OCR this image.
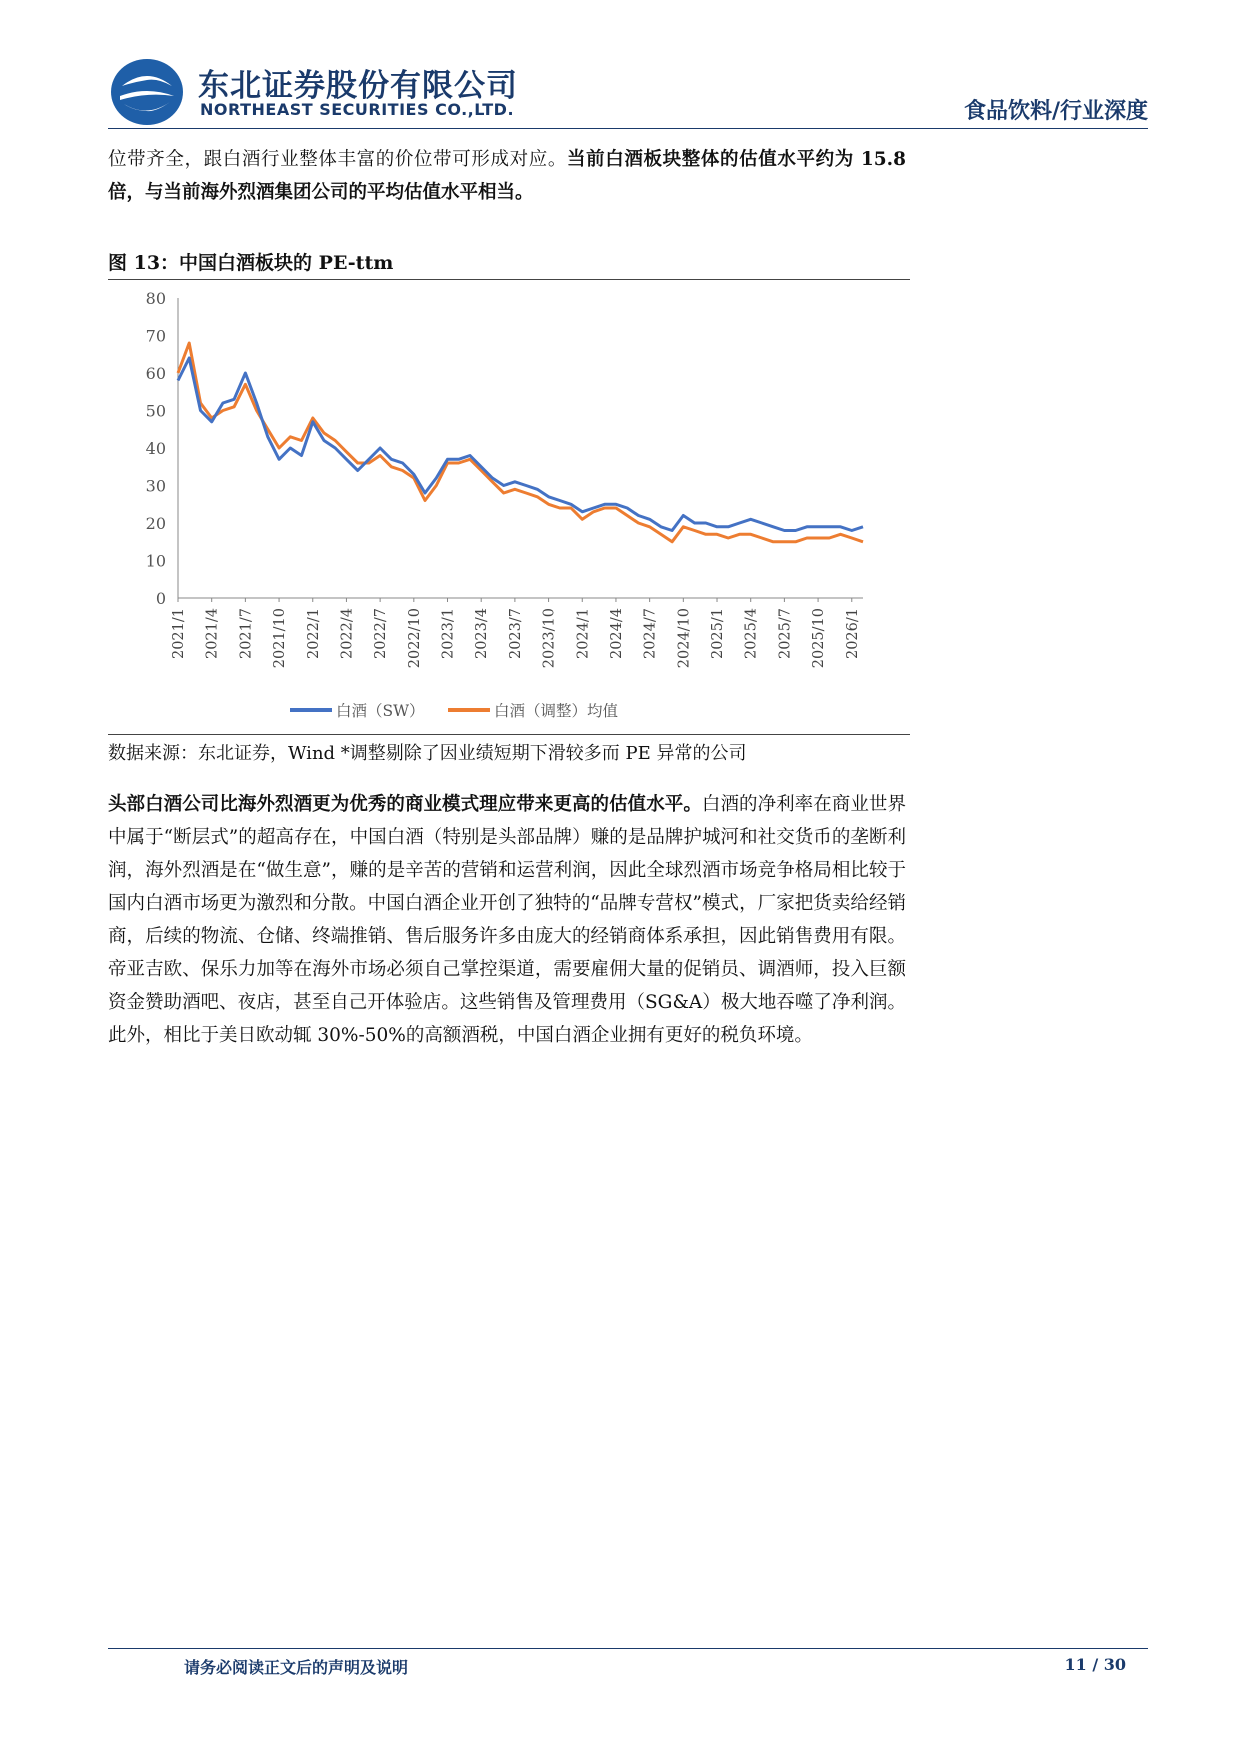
东北证券股份有限公司
NORTHEAST SECURITIES CO.,LTD.	食品饮料/行业深度
位带齐全，跟白酒行业整体丰富的价位带可形成对应。当前白酒板块整体的估值水平约为 15.8 倍，与当前海外烈酒集团公司的平均估值水平相当。
图 13：中国白酒板块的 PE-ttm
0
10
20
30
40
50
60
70
80
2021/1 2021/4 2021/7 2021/10 2022/1 2022/4 2022/7 2022/10 2023/1 2023/4 2023/7 2023/10 2024/1 2024/4 2024/7 2024/10 2025/1 2025/4 2025/7 2025/10 2026/1
白酒（SW）	白酒（调整）均值
数据来源：东北证券，Wind *调整剔除了因业绩短期下滑较多而 PE 异常的公司
头部白酒公司比海外烈酒更为优秀的商业模式理应带来更高的估值水平。白酒的净利率在商业世界中属于“断层式”的超高存在，中国白酒（特别是头部品牌）赚的是品牌护城河和社交货币的垄断利润，海外烈酒是在“做生意”，赚的是辛苦的营销和运营利润，因此全球烈酒市场竞争格局相比较于国内白酒市场更为激烈和分散。中国白酒企业开创了独特的“品牌专营权”模式，厂家把货卖给经销商，后续的物流、仓储、终端推销、售后服务许多由庞大的经销商体系承担，因此销售费用有限。帝亚吉欧、保乐力加等在海外市场必须自己掌控渠道，需要雇佣大量的促销员、调酒师，投入巨额资金赞助酒吧、夜店，甚至自己开体验店。这些销售及管理费用（SG&A）极大地吞噬了净利润。此外，相比于美日欧动辄 30%-50%的高额酒税，中国白酒企业拥有更好的税负环境。
请务必阅读正文后的声明及说明	11 / 30
